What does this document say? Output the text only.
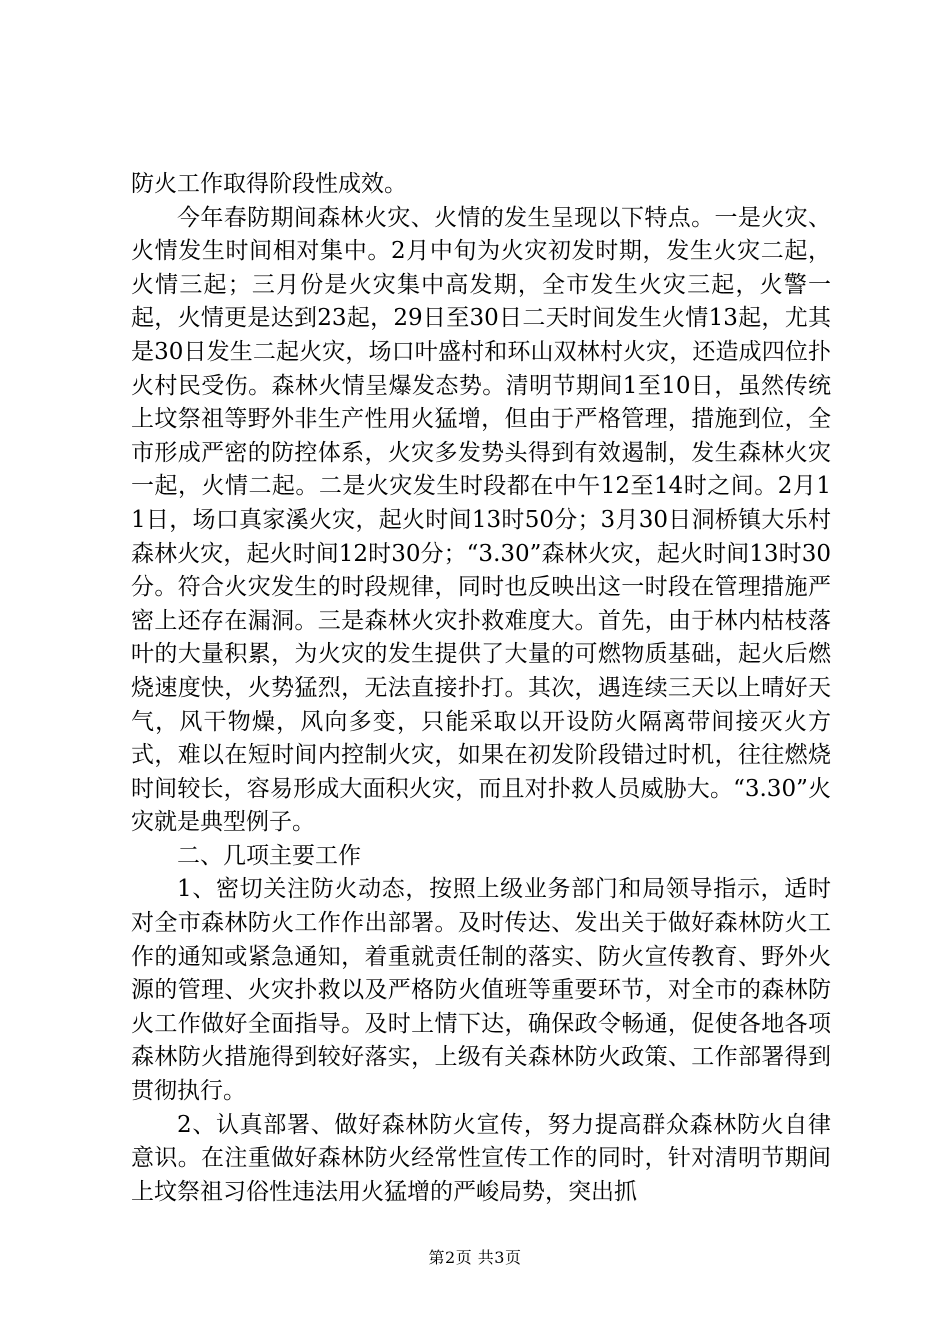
防火工作取得阶段性成效。

今年春防期间森林火灾、火情的发生呈现以下特点。一是火灾、火情发生时间相对集中。2月中旬为火灾初发时期，发生火灾二起，火情三起；三月份是火灾集中高发期，全市发生火灾三起，火警一起，火情更是达到23起，29日至30日二天时间发生火情13起，尤其是30日发生二起火灾，场口叶盛村和环山双林村火灾，还造成四位扑火村民受伤。森林火情呈爆发态势。清明节期间1至10日，虽然传统上坟祭祖等野外非生产性用火猛增，但由于严格管理，措施到位，全市形成严密的防控体系，火灾多发势头得到有效遏制，发生森林火灾一起，火情二起。二是火灾发生时段都在中午12至14时之间。2月11日，场口真家溪火灾，起火时间13时50分；3月30日洞桥镇大乐村森林火灾，起火时间12时30分；“3.30”森林火灾，起火时间13时30分。符合火灾发生的时段规律，同时也反映出这一时段在管理措施严密上还存在漏洞。三是森林火灾扑救难度大。首先，由于林内枯枝落叶的大量积累，为火灾的发生提供了大量的可燃物质基础，起火后燃烧速度快，火势猛烈，无法直接扑打。其次，遇连续三天以上晴好天气，风干物燥，风向多变，只能采取以开设防火隔离带间接灭火方式，难以在短时间内控制火灾，如果在初发阶段错过时机，往往燃烧时间较长，容易形成大面积火灾，而且对扑救人员威胁大。“3.30”火灾就是典型例子。

二、几项主要工作

1、密切关注防火动态，按照上级业务部门和局领导指示，适时对全市森林防火工作作出部署。及时传达、发出关于做好森林防火工作的通知或紧急通知，着重就责任制的落实、防火宣传教育、野外火源的管理、火灾扑救以及严格防火值班等重要环节，对全市的森林防火工作做好全面指导。及时上情下达，确保政令畅通，促使各地各项森林防火措施得到较好落实，上级有关森林防火政策、工作部署得到贯彻执行。

2、认真部署、做好森林防火宣传，努力提高群众森林防火自律意识。在注重做好森林防火经常性宣传工作的同时，针对清明节期间上坟祭祖习俗性违法用火猛增的严峻局势，突出抓

第2页 共3页
